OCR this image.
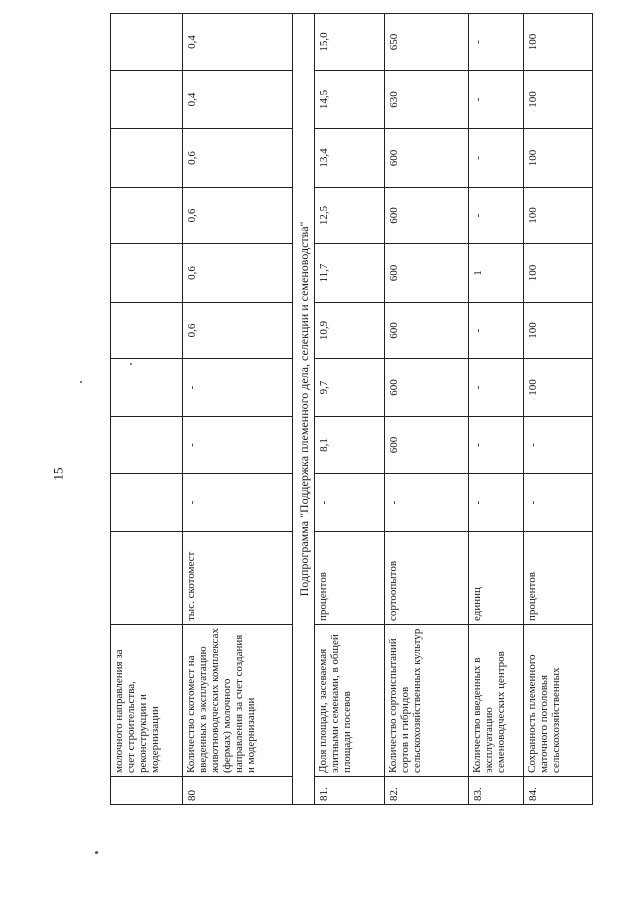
15
	молочного направления за счет строительства, реконструкции и модернизации										
80	Количество скотомест на введенных в эксплуатацию животноводческих комплексах (фермах) молочного направления за счет создания и модернизации	тыс. скотомест	-	-	-	0,6	0,6	0,6	0,6	0,4	0,4
Подпрограмма "Поддержка племенного дела, селекции и семеноводства"											
81.	Доля площади, засеваемая элитными семенами, в общей площади посевов	процентов	-	8,1	9,7	10,9	11,7	12,5	13,4	14,5	15,0
82.	Количество сортоиспытаний сортов и гибридов сельскохозяйственных культур	сортоопытов	-	600	600	600	600	600	600	630	650
83.	Количество введенных в эксплуатацию семеноводческих центров	единиц	-	-	-	-	1	-	-	-	-
84.	Сохранность племенного маточного поголовья сельскохозяйственных	процентов	-	-	100	100	100	100	100	100	100
